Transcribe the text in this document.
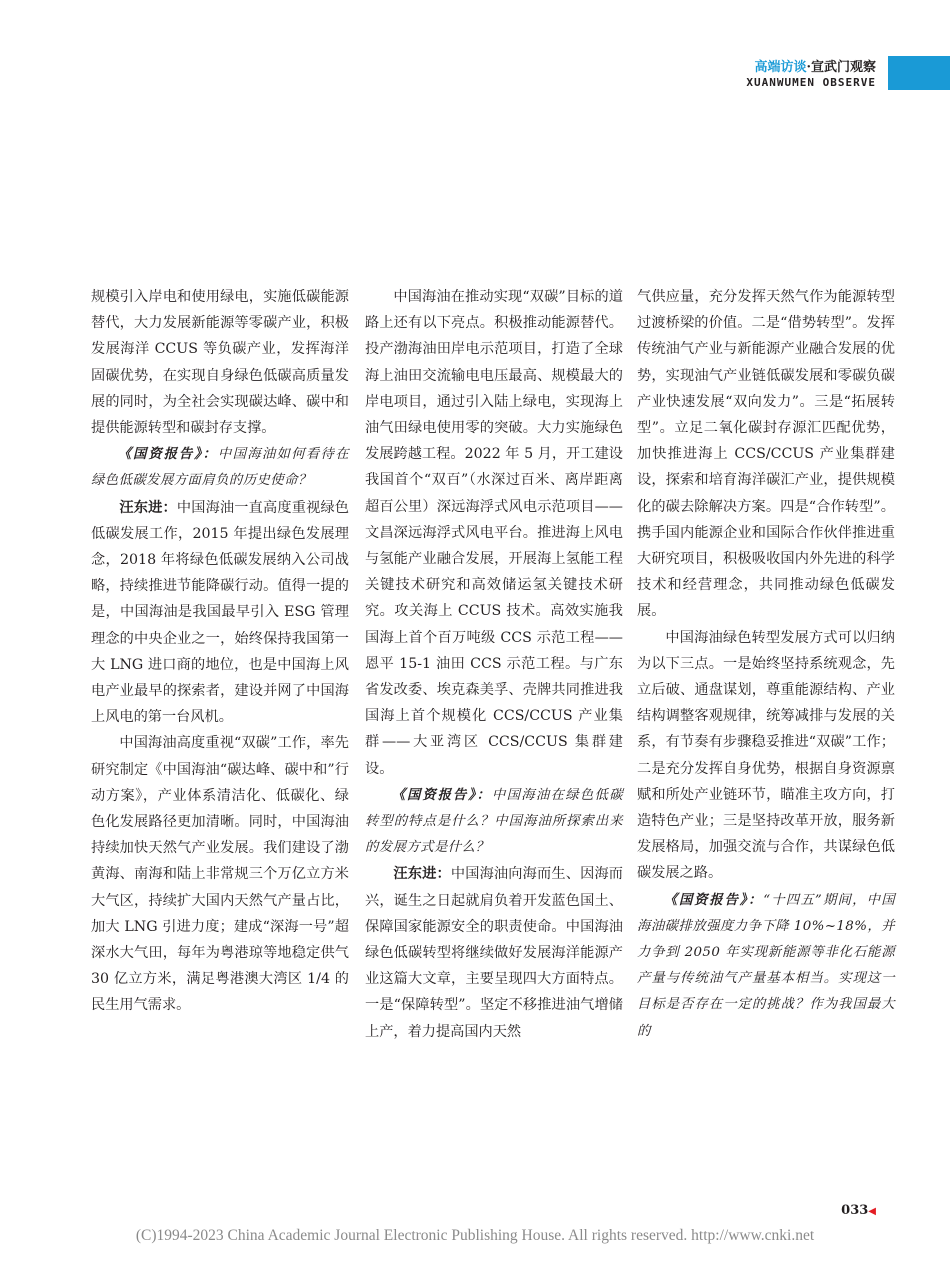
高端访谈·宣武门观察
XUANWUMEN OBSERVE

规模引入岸电和使用绿电，实施低碳能源替代，大力发展新能源等零碳产业，积极发展海洋 CCUS 等负碳产业，发挥海洋固碳优势，在实现自身绿色低碳高质量发展的同时，为全社会实现碳达峰、碳中和提供能源转型和碳封存支撑。

《国资报告》：中国海油如何看待在绿色低碳发展方面肩负的历史使命？

汪东进：中国海油一直高度重视绿色低碳发展工作，2015 年提出绿色发展理念，2018 年将绿色低碳发展纳入公司战略，持续推进节能降碳行动。值得一提的是，中国海油是我国最早引入 ESG 管理理念的中央企业之一，始终保持我国第一大 LNG 进口商的地位，也是中国海上风电产业最早的探索者，建设并网了中国海上风电的第一台风机。

中国海油高度重视“双碳”工作，率先研究制定《中国海油“碳达峰、碳中和”行动方案》，产业体系清洁化、低碳化、绿色化发展路径更加清晰。同时，中国海油持续加快天然气产业发展。我们建设了渤黄海、南海和陆上非常规三个万亿立方米大气区，持续扩大国内天然气产量占比，加大 LNG 引进力度；建成“深海一号”超深水大气田，每年为粤港琼等地稳定供气 30 亿立方米，满足粤港澳大湾区 1/4 的民生用气需求。

中国海油在推动实现“双碳”目标的道路上还有以下亮点。积极推动能源替代。投产渤海油田岸电示范项目，打造了全球海上油田交流输电电压最高、规模最大的岸电项目，通过引入陆上绿电，实现海上油气田绿电使用零的突破。大力实施绿色发展跨越工程。2022 年 5 月，开工建设我国首个“双百”（水深过百米、离岸距离超百公里）深远海浮式风电示范项目——文昌深远海浮式风电平台。推进海上风电与氢能产业融合发展，开展海上氢能工程关键技术研究和高效储运氢关键技术研究。攻关海上 CCUS 技术。高效实施我国海上首个百万吨级 CCS 示范工程——恩平 15-1 油田 CCS 示范工程。与广东省发改委、埃克森美孚、壳牌共同推进我国海上首个规模化 CCS/CCUS 产业集群——大亚湾区 CCS/CCUS 集群建设。

《国资报告》：中国海油在绿色低碳转型的特点是什么？中国海油所探索出来的发展方式是什么？

汪东进：中国海油向海而生、因海而兴，诞生之日起就肩负着开发蓝色国土、保障国家能源安全的职责使命。中国海油绿色低碳转型将继续做好发展海洋能源产业这篇大文章，主要呈现四大方面特点。一是“保障转型”。坚定不移推进油气增储上产，着力提高国内天然

气供应量，充分发挥天然气作为能源转型过渡桥梁的价值。二是“借势转型”。发挥传统油气产业与新能源产业融合发展的优势，实现油气产业链低碳发展和零碳负碳产业快速发展“双向发力”。三是“拓展转型”。立足二氧化碳封存源汇匹配优势，加快推进海上 CCS/CCUS 产业集群建设，探索和培育海洋碳汇产业，提供规模化的碳去除解决方案。四是“合作转型”。携手国内能源企业和国际合作伙伴推进重大研究项目，积极吸收国内外先进的科学技术和经营理念，共同推动绿色低碳发展。

中国海油绿色转型发展方式可以归纳为以下三点。一是始终坚持系统观念，先立后破、通盘谋划，尊重能源结构、产业结构调整客观规律，统筹减排与发展的关系，有节奏有步骤稳妥推进“双碳”工作；二是充分发挥自身优势，根据自身资源禀赋和所处产业链环节，瞄准主攻方向，打造特色产业；三是坚持改革开放，服务新发展格局，加强交流与合作，共谋绿色低碳发展之路。

《国资报告》：“十四五”期间，中国海油碳排放强度力争下降 10%~18%，并力争到 2050 年实现新能源等非化石能源产量与传统油气产量基本相当。实现这一目标是否存在一定的挑战？作为我国最大的

033◀
(C)1994-2023 China Academic Journal Electronic Publishing House. All rights reserved. http://www.cnki.net
